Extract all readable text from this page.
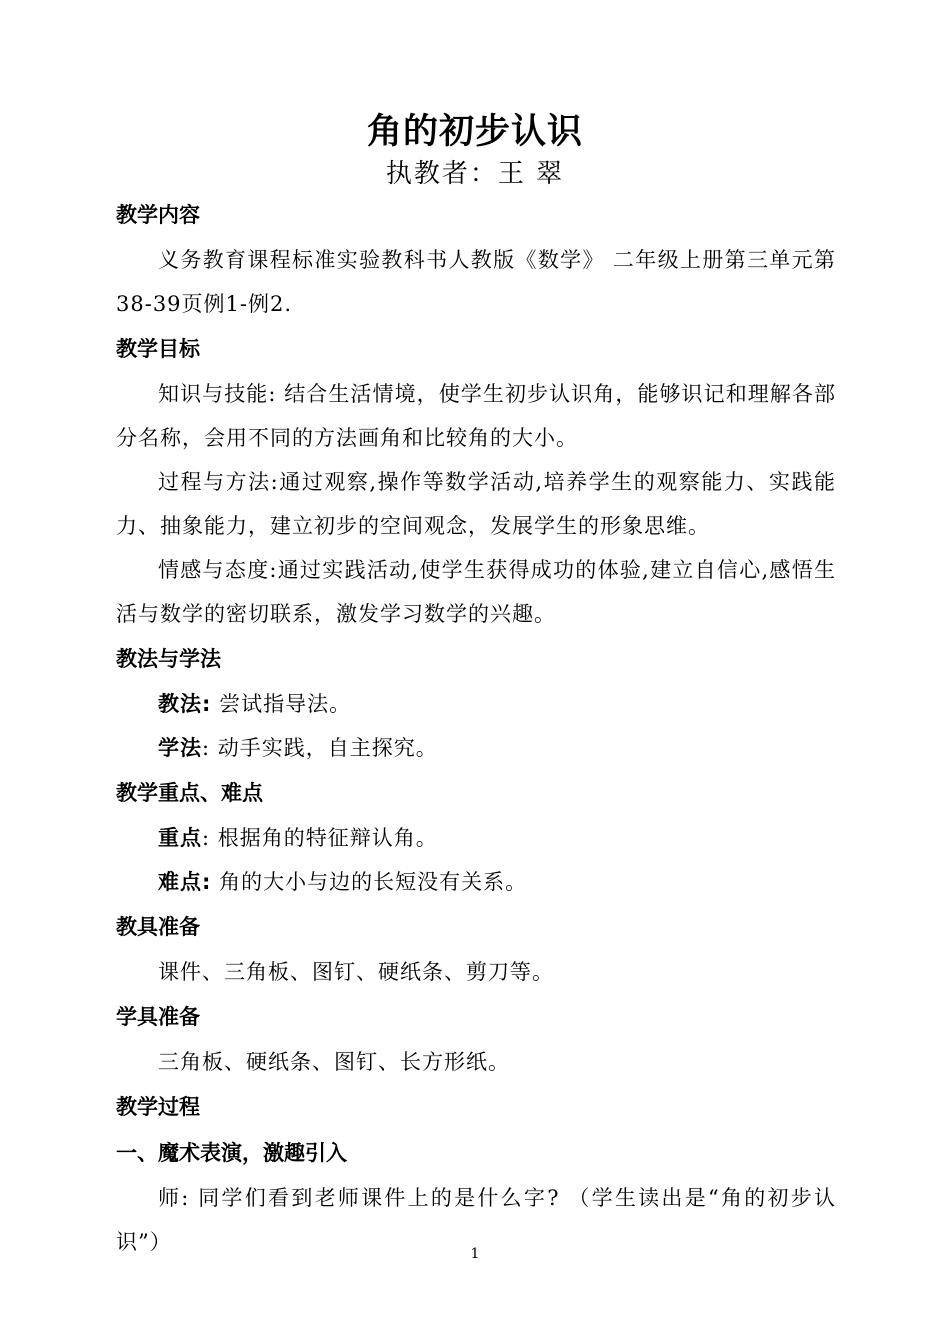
角的初步认识
执教者：王 翠
教学内容

义务教育课程标准实验教科书人教版《数学》 二年级上册第三单元第38-39页例1-例2.

教学目标

知识与技能: 结合生活情境，使学生初步认识角，能够识记和理解各部分名称，会用不同的方法画角和比较角的大小。

过程与方法:通过观察,操作等数学活动,培养学生的观察能力、实践能力、抽象能力，建立初步的空间观念，发展学生的形象思维。

情感与态度:通过实践活动,使学生获得成功的体验,建立自信心,感悟生活与数学的密切联系，激发学习数学的兴趣。

教法与学法

教法: 尝试指导法。

学法: 动手实践，自主探究。

教学重点、难点

重点: 根据角的特征辩认角。

难点: 角的大小与边的长短没有关系。

教具准备

课件、三角板、图钉、硬纸条、剪刀等。

学具准备

三角板、硬纸条、图钉、长方形纸。

教学过程
一、魔术表演，激趣引入

师: 同学们看到老师课件上的是什么字? （学生读出是“角的初步认识”）	1
